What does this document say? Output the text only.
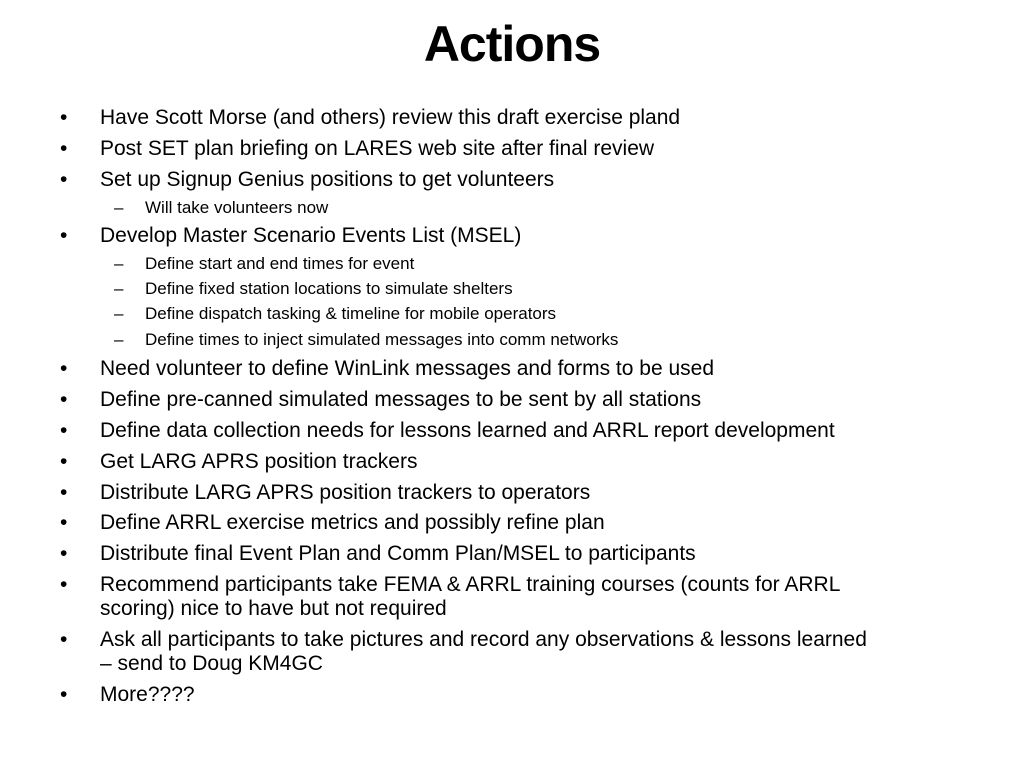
Actions
• Have Scott Morse (and others) review this draft exercise pland
• Post SET plan briefing on LARES web site after final review
• Set up Signup Genius positions to get volunteers
– Will take volunteers now
• Develop Master Scenario Events List (MSEL)
– Define start and end times for event
– Define fixed station locations to simulate shelters
– Define dispatch tasking & timeline for mobile operators
– Define times to inject simulated messages into comm networks
• Need volunteer to define WinLink messages and forms to be used
• Define pre-canned simulated messages to be sent by all stations
• Define data collection needs for lessons learned and ARRL report development
• Get LARG APRS position trackers
• Distribute LARG APRS position trackers to operators
• Define ARRL exercise metrics and possibly refine plan
• Distribute final Event Plan and Comm Plan/MSEL to participants
• Recommend participants take FEMA & ARRL training courses (counts for ARRL
scoring) nice to have but not required
• Ask all participants to take pictures and record any observations & lessons learned
– send to Doug KM4GC
• More????
